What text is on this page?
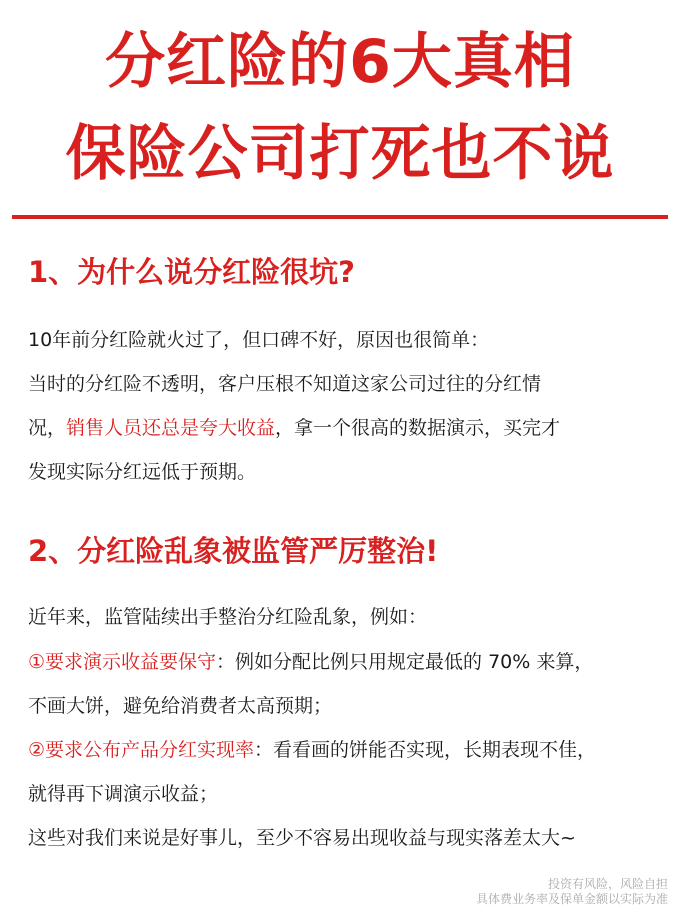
分红险的6大真相
保险公司打死也不说
1、为什么说分红险很坑?
10年前分红险就火过了，但口碑不好，原因也很简单：
当时的分红险不透明，客户压根不知道这家公司过往的分红情
况，销售人员还总是夸大收益，拿一个很高的数据演示，买完才
发现实际分红远低于预期。
2、分红险乱象被监管严厉整治!
近年来，监管陆续出手整治分红险乱象，例如：
①要求演示收益要保守：例如分配比例只用规定最低的 70% 来算，
不画大饼，避免给消费者太高预期；
②要求公布产品分红实现率：看看画的饼能否实现，长期表现不佳，
就得再下调演示收益；
这些对我们来说是好事儿，至少不容易出现收益与现实落差太大~
投资有风险，风险自担
具体费业务率及保单金额以实际为准
